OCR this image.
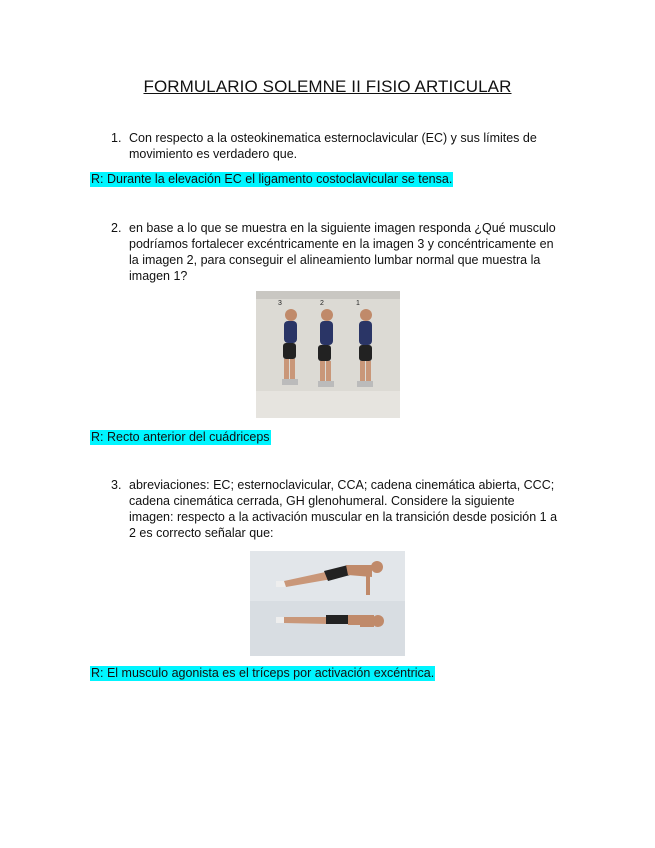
FORMULARIO SOLEMNE II FISIO ARTICULAR
1. Con respecto a la osteokinematica esternoclavicular (EC) y sus límites de movimiento es verdadero que.
R: Durante la elevación EC el ligamento costoclavicular se tensa.
2. en base a lo que se muestra en la siguiente imagen responda ¿Qué musculo podríamos fortalecer excéntricamente en la imagen 3 y concéntricamente en la imagen 2, para conseguir el alineamiento lumbar normal que muestra la imagen 1?
3	2	1
R: Recto anterior del cuádriceps
3. abreviaciones: EC; esternoclavicular, CCA; cadena cinemática abierta, CCC; cadena cinemática cerrada, GH glenohumeral. Considere la siguiente imagen: respecto a la activación muscular en la transición desde posición 1 a 2 es correcto señalar que:
R: El musculo agonista es el tríceps por activación excéntrica.
